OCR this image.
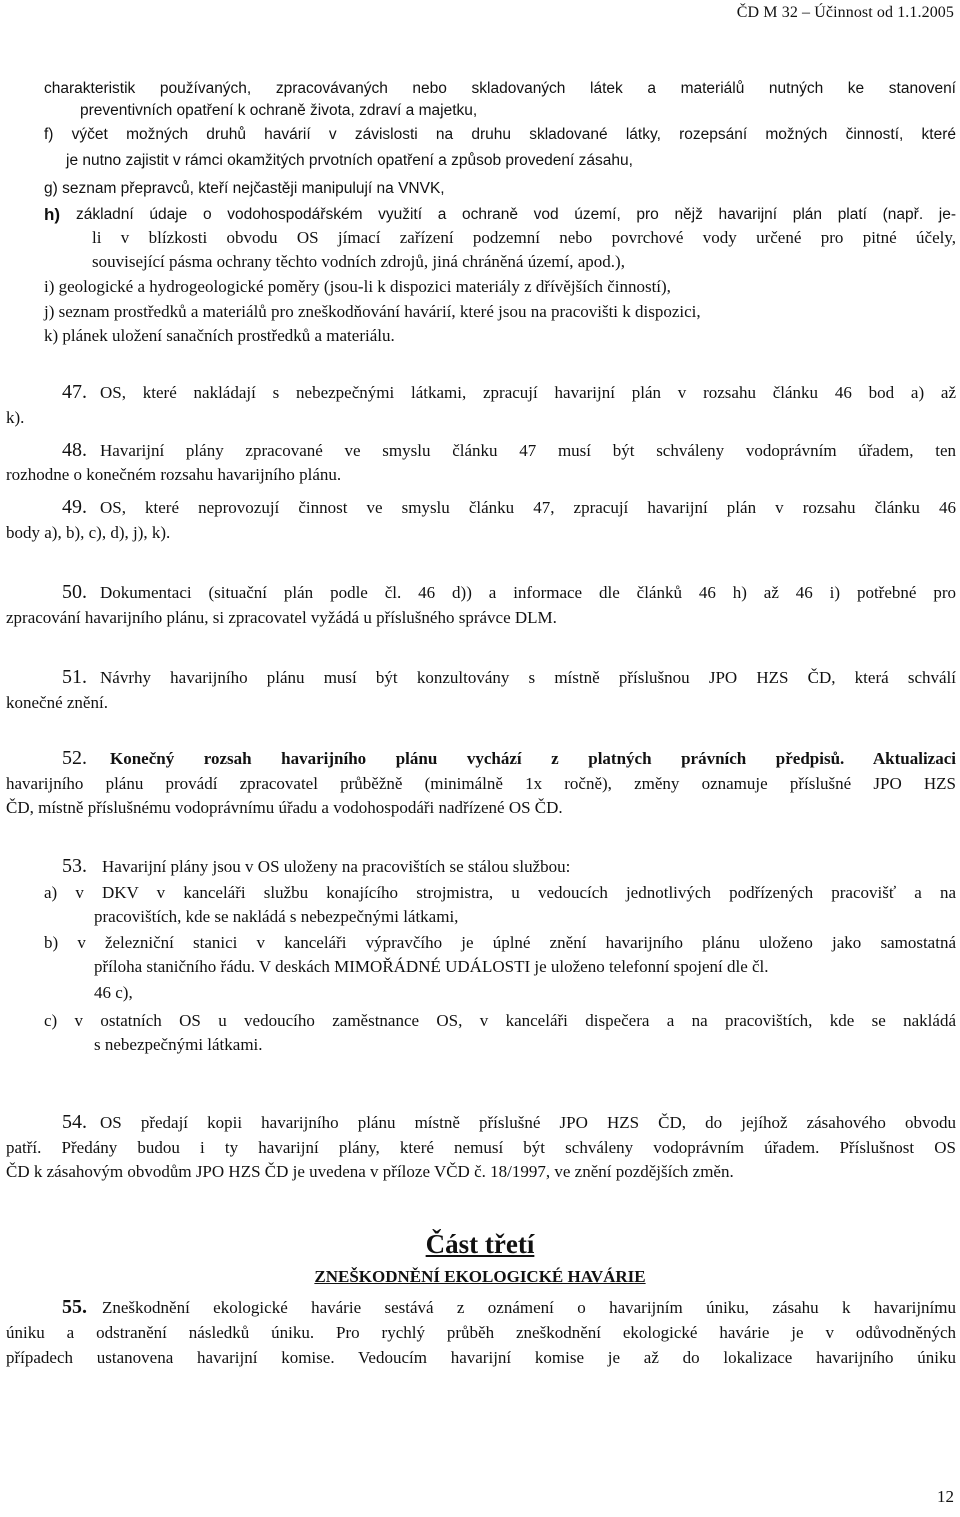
ČD M 32 – Účinnost od 1.1.2005
charakteristik používaných, zpracovávaných nebo skladovaných látek a materiálů nutných ke stanovení
preventivních opatření k ochraně života, zdraví a majetku,
f) výčet možných druhů havárií v závislosti na druhu skladované látky, rozepsání možných činností, které
je nutno zajistit v rámci okamžitých prvotních opatření a způsob provedení zásahu,
g) seznam přepravců, kteří nejčastěji manipulují na VNVK,
h) základní údaje o vodohospodářském využití a ochraně vod území, pro nějž havarijní plán platí (např. je-
li v blízkosti obvodu OS jímací zařízení podzemní nebo povrchové vody určené pro pitné účely,
související pásma ochrany těchto vodních zdrojů, jiná chráněná území, apod.),
i) geologické a hydrogeologické poměry (jsou-li k dispozici materiály z dřívějších činností),
j) seznam prostředků a materiálů pro zneškodňování havárií, které jsou na pracovišti k dispozici,
k) plánek uložení sanačních prostředků a materiálu.
47. OS, které nakládají s nebezpečnými látkami, zpracují havarijní plán v rozsahu článku 46 bod a) až
k).
48. Havarijní plány zpracované ve smyslu článku 47 musí být schváleny vodoprávním úřadem, ten
rozhodne o konečném rozsahu havarijního plánu.
49. OS, které neprovozují činnost ve smyslu článku 47, zpracují havarijní plán v rozsahu článku 46
body a), b), c), d), j), k).
50. Dokumentaci (situační plán podle čl. 46 d)) a informace dle článků 46 h) až 46 i) potřebné pro
zpracování havarijního plánu, si zpracovatel vyžádá u příslušného správce DLM.
51. Návrhy havarijního plánu musí být konzultovány s místně příslušnou JPO HZS ČD, která schválí
konečné znění.
52. Konečný rozsah havarijního plánu vychází z platných právních předpisů. Aktualizaci
havarijního plánu provádí zpracovatel průběžně (minimálně 1x ročně), změny oznamuje příslušné JPO HZS
ČD, místně příslušnému vodoprávnímu úřadu a vodohospodáři nadřízené OS ČD.
53. Havarijní plány jsou v OS uloženy na pracovištích se stálou službou:
a) v DKV v kanceláři službu konajícího strojmistra, u vedoucích jednotlivých podřízených pracovišť a na
pracovištích, kde se nakládá s nebezpečnými látkami,
b) v železniční stanici v kanceláři výpravčího je úplné znění havarijního plánu uloženo jako samostatná
příloha staničního řádu. V deskách MIMOŘÁDNÉ UDÁLOSTI je uloženo telefonní spojení dle čl.
46 c),
c) v ostatních OS u vedoucího zaměstnance OS, v kanceláři dispečera a na pracovištích, kde se nakládá
s nebezpečnými látkami.
54. OS předají kopii havarijního plánu místně příslušné JPO HZS ČD, do jejíhož zásahového obvodu
patří. Předány budou i ty havarijní plány, které nemusí být schváleny vodoprávním úřadem. Příslušnost OS
ČD k zásahovým obvodům JPO HZS ČD je uvedena v příloze VČD č. 18/1997, ve znění pozdějších změn.
Část třetí
ZNEŠKODNĚNÍ EKOLOGICKÉ HAVÁRIE
55. Zneškodnění ekologické havárie sestává z oznámení o havarijním úniku, zásahu k havarijnímu
úniku a odstranění následků úniku. Pro rychlý průběh zneškodnění ekologické havárie je v odůvodněných
případech ustanovena havarijní komise. Vedoucím havarijní komise je až do lokalizace havarijního úniku
12
